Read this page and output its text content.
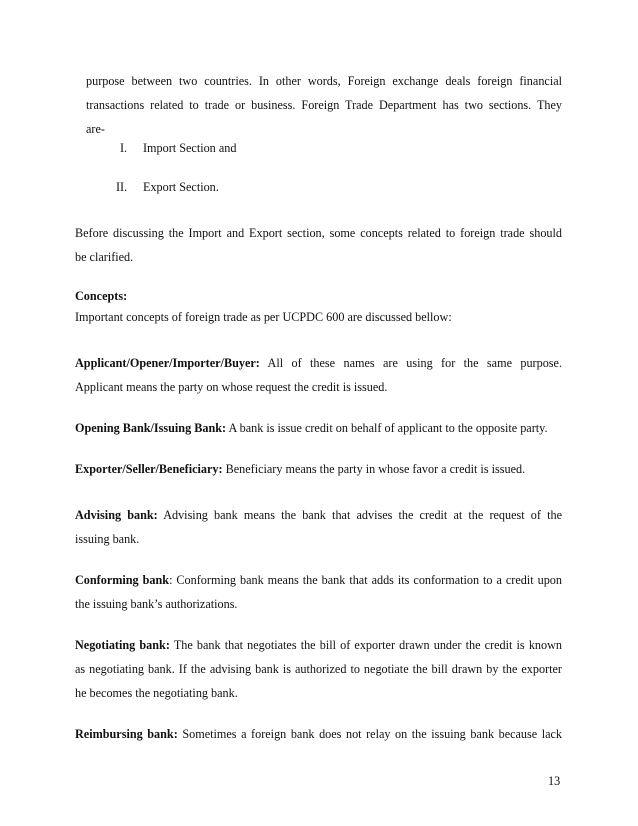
purpose between two countries. In other words, Foreign exchange deals foreign financial
transactions related to trade or business. Foreign Trade Department has two sections. They
are-
I. Import Section and
II. Export Section.
Before discussing the Import and Export section, some concepts related to foreign trade should
be clarified.
Concepts:
Important concepts of foreign trade as per UCPDC 600 are discussed bellow:
Applicant/Opener/Importer/Buyer: All of these names are using for the same purpose.
Applicant means the party on whose request the credit is issued.
Opening Bank/Issuing Bank: A bank is issue credit on behalf of applicant to the opposite party.
Exporter/Seller/Beneficiary: Beneficiary means the party in whose favor a credit is issued.
Advising bank: Advising bank means the bank that advises the credit at the request of the
issuing bank.
Conforming bank: Conforming bank means the bank that adds its conformation to a credit upon
the issuing bank’s authorizations.
Negotiating bank: The bank that negotiates the bill of exporter drawn under the credit is known
as negotiating bank. If the advising bank is authorized to negotiate the bill drawn by the exporter
he becomes the negotiating bank.
Reimbursing bank: Sometimes a foreign bank does not relay on the issuing bank because lack
13
